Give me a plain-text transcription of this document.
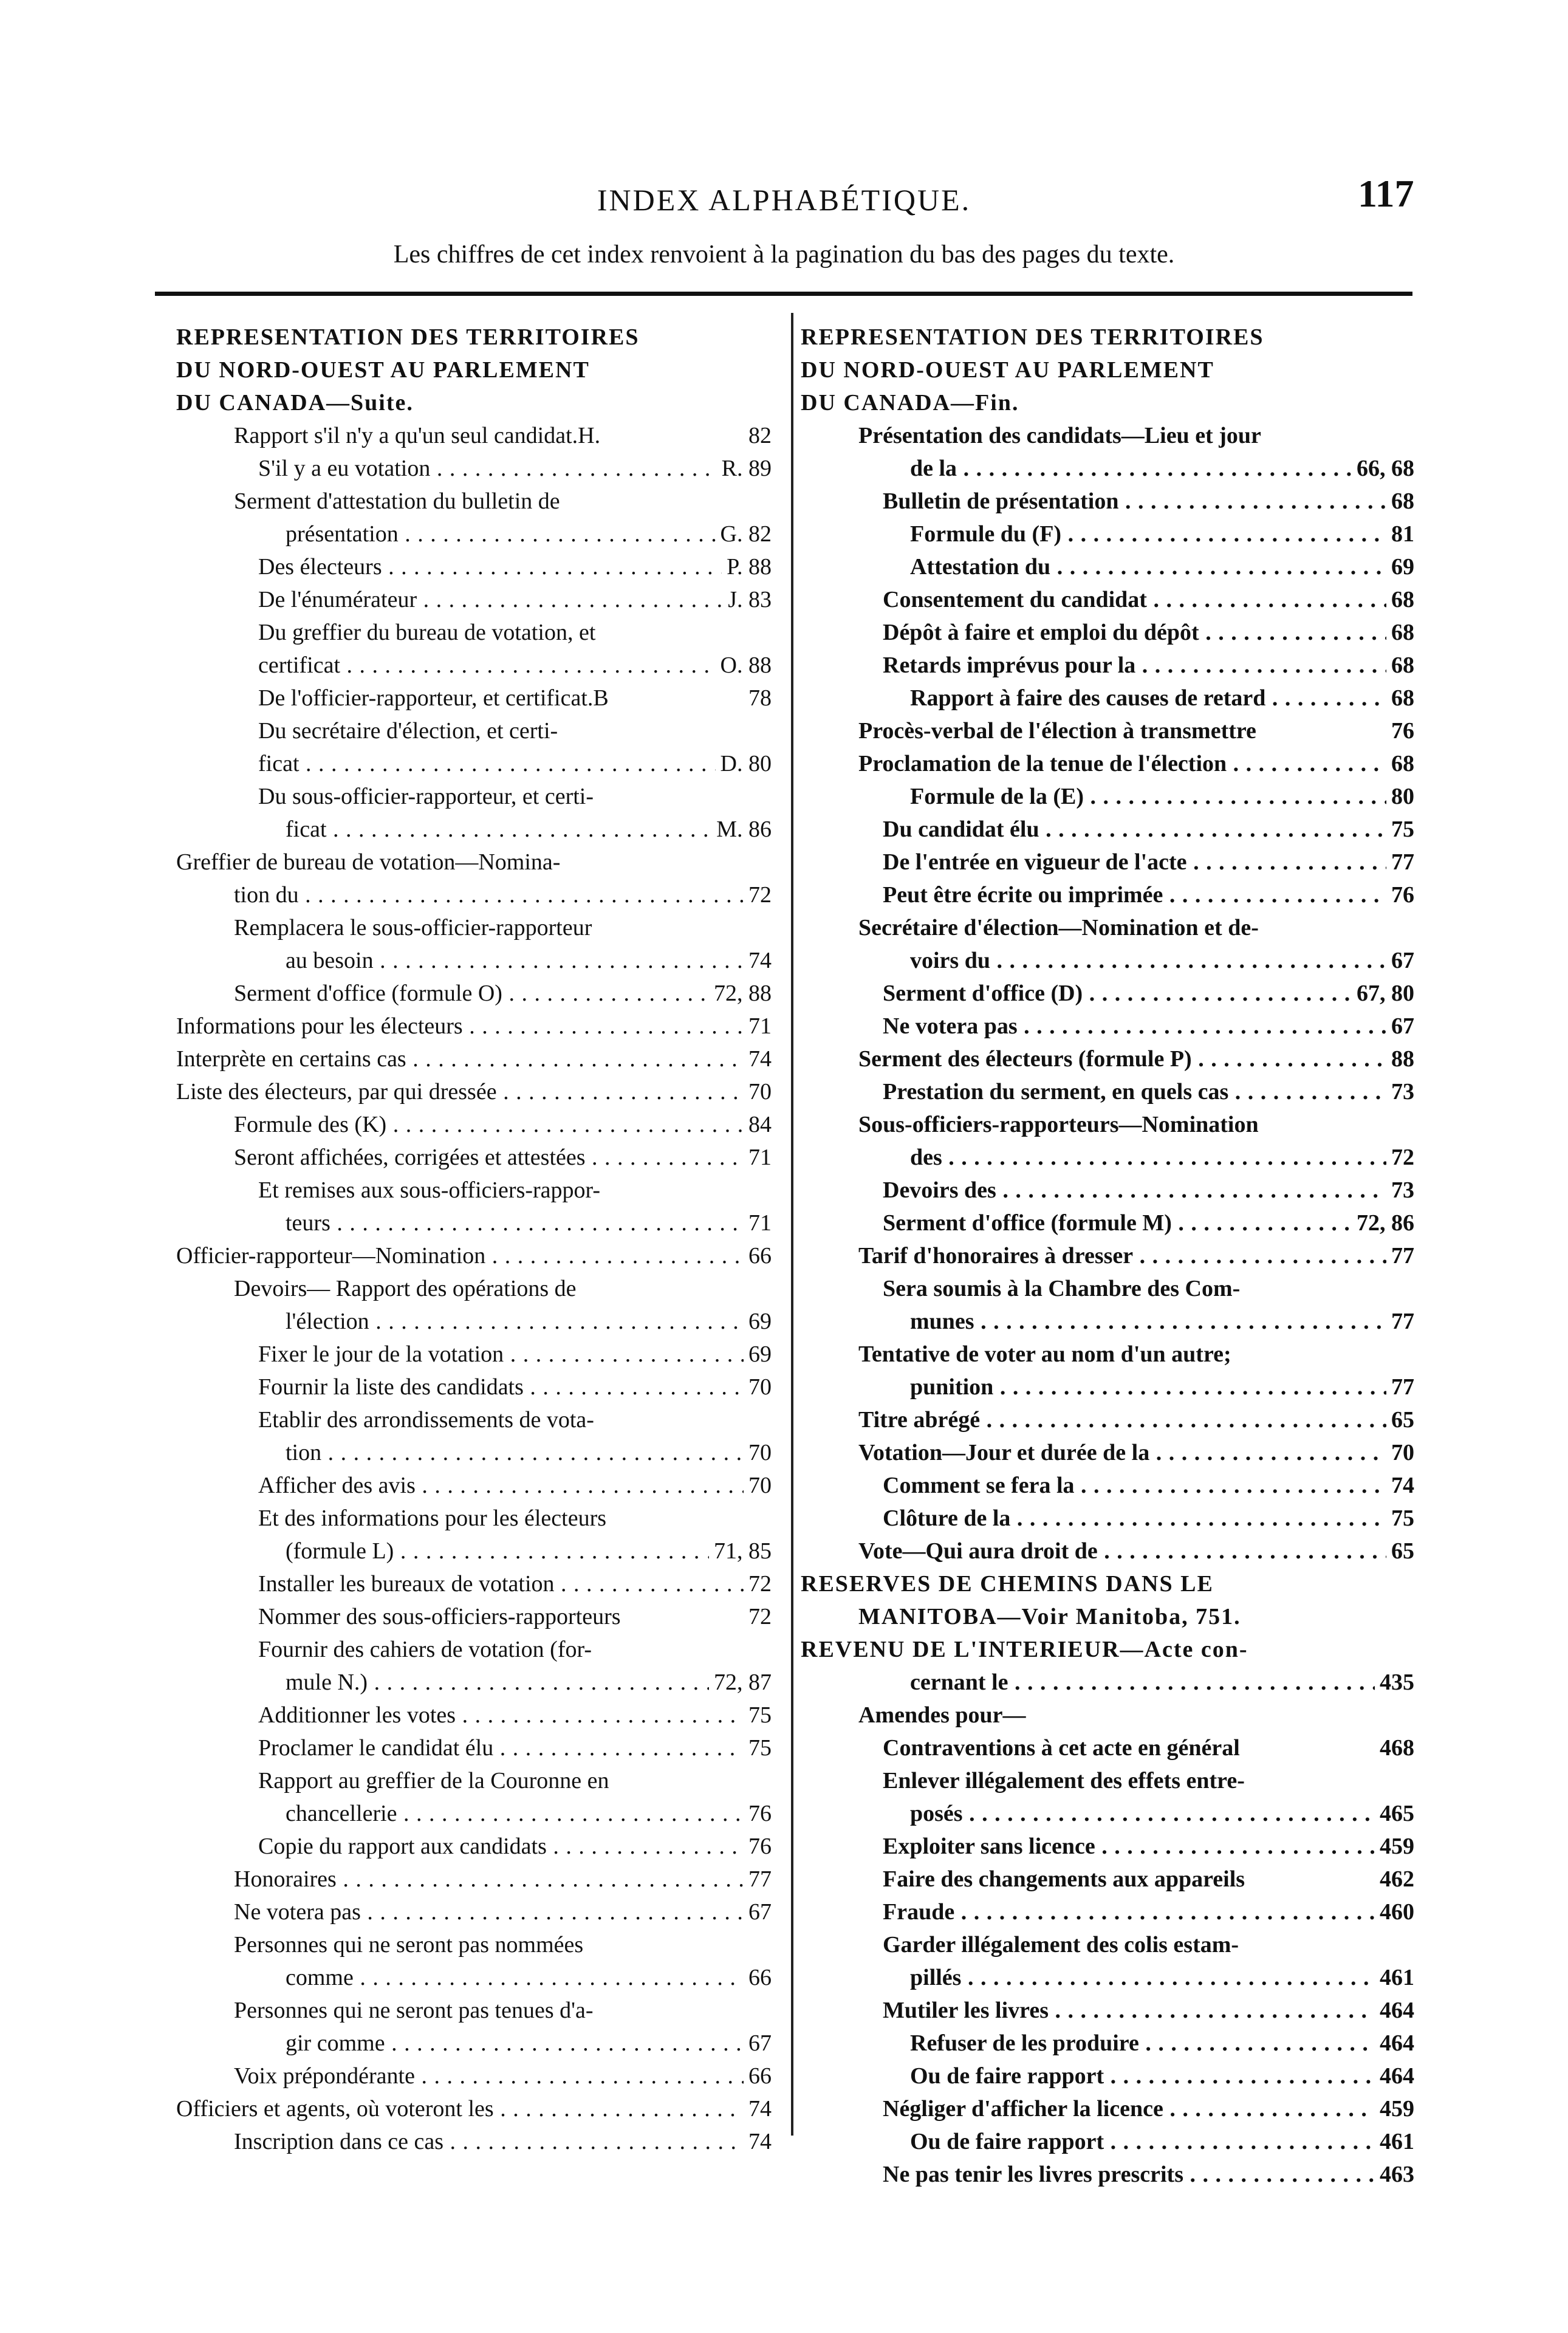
INDEX ALPHABÉTIQUE.	117
Les chiffres de cet index renvoient à la pagination du bas des pages du texte.
REPRESENTATION DES TERRITOIRES
DU NORD-OUEST AU PARLEMENT
DU CANADA—Suite.
Rapport s'il n'y a qu'un seul candidat.H.	82
S'il y a eu votation . . .	R. 89
Serment d'attestation du bulletin de
présentation . . .	G. 82
Des électeurs . . .	P. 88
De l'énumérateur . . .	J. 83
Du greffier du bureau de votation, et
certificat . . .	O. 88
De l'officier-rapporteur, et certificat.B	78
Du secrétaire d'élection, et certi-
ficat . . .	D. 80
Du sous-officier-rapporteur, et certi-
ficat . . .	M. 86
Greffier de bureau de votation—Nomina-
tion du . . .	72
Remplacera le sous-officier-rapporteur
au besoin . . .	74
Serment d'office (formule O) . . .	72, 88
Informations pour les électeurs . . .	71
Interprète en certains cas . . .	74
Liste des électeurs, par qui dressée . . .	70
Formule des (K) . . .	84
Seront affichées, corrigées et attestées . . .	71
Et remises aux sous-officiers-rappor-
teurs . . .	71
Officier-rapporteur—Nomination . . .	66
Devoirs— Rapport des opérations de
l'élection . . .	69
Fixer le jour de la votation . . .	69
Fournir la liste des candidats . . .	70
Etablir des arrondissements de vota-
tion . . .	70
Afficher des avis . . .	70
Et des informations pour les électeurs
(formule L) . . .	71, 85
Installer les bureaux de votation . . .	72
Nommer des sous-officiers-rapporteurs	72
Fournir des cahiers de votation (for-
mule N.) . . .	72, 87
Additionner les votes . . .	75
Proclamer le candidat élu . . .	75
Rapport au greffier de la Couronne en
chancellerie . . .	76
Copie du rapport aux candidats . . .	76
Honoraires . . .	77
Ne votera pas . . .	67
Personnes qui ne seront pas nommées
comme . . .	66
Personnes qui ne seront pas tenues d'a-
gir comme . . .	67
Voix prépondérante . . .	66
Officiers et agents, où voteront les . . .	74
Inscription dans ce cas . . .	74
REPRESENTATION DES TERRITOIRES
DU NORD-OUEST AU PARLEMENT
DU CANADA—Fin.
Présentation des candidats—Lieu et jour
de la . . .	66, 68
Bulletin de présentation . . .	68
Formule du (F) . . .	81
Attestation du . . .	69
Consentement du candidat . . .	68
Dépôt à faire et emploi du dépôt . . .	68
Retards imprévus pour la . . .	68
Rapport à faire des causes de retard . . .	68
Procès-verbal de l'élection à transmettre	76
Proclamation de la tenue de l'élection . . .	68
Formule de la (E) . . .	80
Du candidat élu . . .	75
De l'entrée en vigueur de l'acte . . .	77
Peut être écrite ou imprimée . . .	76
Secrétaire d'élection—Nomination et de-
voirs du . . .	67
Serment d'office (D) . . .	67, 80
Ne votera pas . . .	67
Serment des électeurs (formule P) . . .	88
Prestation du serment, en quels cas . . .	73
Sous-officiers-rapporteurs—Nomination
des . . .	72
Devoirs des . . .	73
Serment d'office (formule M) . . .	72, 86
Tarif d'honoraires à dresser . . .	77
Sera soumis à la Chambre des Com-
munes . . .	77
Tentative de voter au nom d'un autre;
punition . . .	77
Titre abrégé . . .	65
Votation—Jour et durée de la . . .	70
Comment se fera la . . .	74
Clôture de la . . .	75
Vote—Qui aura droit de . . .	65
RESERVES DE CHEMINS DANS LE
MANITOBA—Voir Manitoba, 751.
REVENU DE L'INTERIEUR—Acte con-
cernant le . . .	435
Amendes pour—
Contraventions à cet acte en général	468
Enlever illégalement des effets entre-
posés . . .	465
Exploiter sans licence . . .	459
Faire des changements aux appareils	462
Fraude . . .	460
Garder illégalement des colis estam-
pillés . . .	461
Mutiler les livres . . .	464
Refuser de les produire . . .	464
Ou de faire rapport . . .	464
Négliger d'afficher la licence . . .	459
Ou de faire rapport . . .	461
Ne pas tenir les livres prescrits . . .	463
